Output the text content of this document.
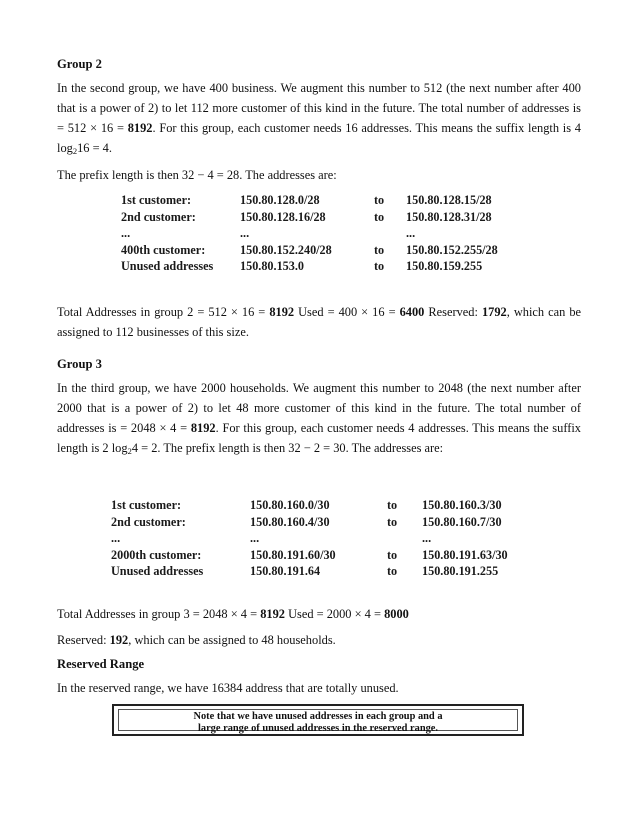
Group 2

In the second group, we have 400 business. We augment this number to 512 (the next number after 400 that is a power of 2) to let 112 more customer of this kind in the future. The total number of addresses is = 512 × 16 = 8192. For this group, each customer needs 16 addresses. This means the suffix length is 4 $\log_216 = 4$.

The prefix length is then 32 − 4 = 28. The addresses are:

1st customer:	150.80.128.0/28	to	150.80.128.15/28
2nd customer:	150.80.128.16/28	to	150.80.128.31/28
...	...		...
400th customer:	150.80.152.240/28	to	150.80.152.255/28
Unused addresses	150.80.153.0	to	150.80.159.255

Total Addresses in group 2 = 512 × 16 = 8192 Used = 400 × 16 = 6400 Reserved: 1792, which can be assigned to 112 businesses of this size.

Group 3

In the third group, we have 2000 households. We augment this number to 2048 (the next number after 2000 that is a power of 2) to let 48 more customer of this kind in the future. The total number of addresses is = 2048 × 4 = 8192. For this group, each customer needs 4 addresses. This means the suffix length is 2 $\log_24 = 2$. The prefix length is then 32 − 2 = 30. The addresses are:

1st customer:	150.80.160.0/30	to	150.80.160.3/30
2nd customer:	150.80.160.4/30	to	150.80.160.7/30
...	...		...
2000th customer:	150.80.191.60/30	to	150.80.191.63/30
Unused addresses	150.80.191.64	to	150.80.191.255

Total Addresses in group 3 = 2048 × 4 = 8192 Used = 2000 × 4 = 8000

Reserved: 192, which can be assigned to 48 households.

Reserved Range

In the reserved range, we have 16384 address that are totally unused.

Note that we have unused addresses in each group and a
large range of unused addresses in the reserved range.
